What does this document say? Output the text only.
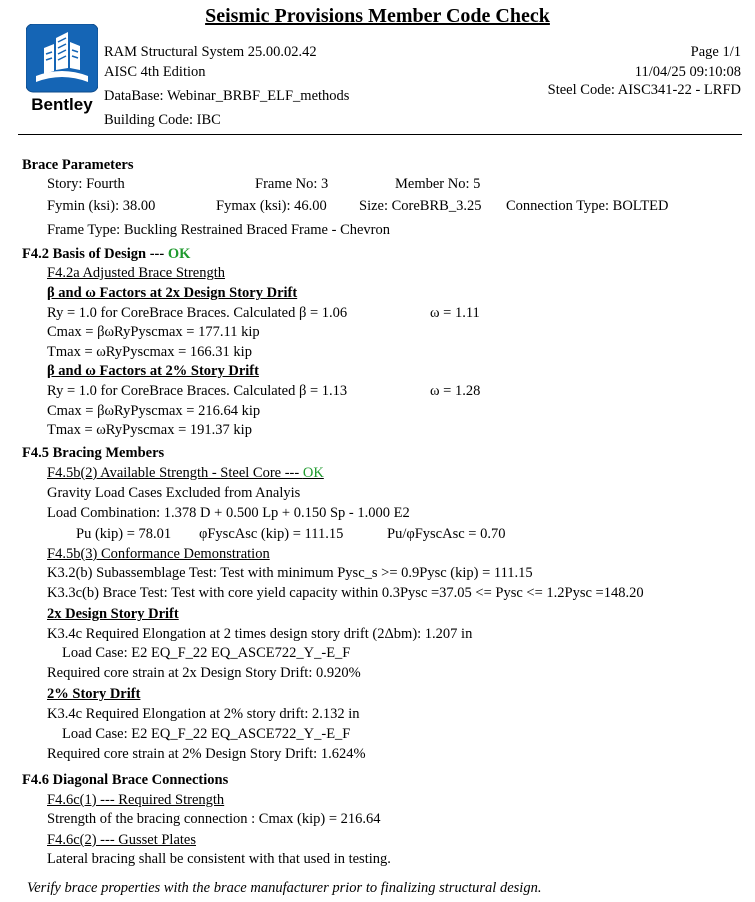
Seismic Provisions Member Code Check
Bentley
RAM Structural System 25.00.02.42
AISC 4th Edition
DataBase: Webinar_BRBF_ELF_methods
Building Code: IBC
Page 1/1
11/04/25 09:10:08
Steel Code: AISC341-22 - LRFD
Brace Parameters
Story: Fourth	Frame No: 3	Member No: 5
Fymin (ksi): 38.00	Fymax (ksi): 46.00 Size: CoreBRB_3.25 Connection Type: BOLTED
Frame Type: Buckling Restrained Braced Frame - Chevron
F4.2 Basis of Design --- OK
F4.2a Adjusted Brace Strength
β and ω Factors at 2x Design Story Drift
Ry = 1.0 for CoreBrace Braces. Calculated β = 1.06	ω = 1.11
Cmax = βωRyPyscmax = 177.11 kip
Tmax = ωRyPyscmax = 166.31 kip
β and ω Factors at 2% Story Drift
Ry = 1.0 for CoreBrace Braces. Calculated β = 1.13	ω = 1.28
Cmax = βωRyPyscmax = 216.64 kip
Tmax = ωRyPyscmax = 191.37 kip
F4.5 Bracing Members
F4.5b(2) Available Strength - Steel Core --- OK
Gravity Load Cases Excluded from Analyis
Load Combination: 1.378 D + 0.500 Lp + 0.150 Sp - 1.000 E2
Pu (kip) = 78.01 φFyscAsc (kip) = 111.15	Pu/φFyscAsc = 0.70
F4.5b(3) Conformance Demonstration
K3.2(b) Subassemblage Test: Test with minimum Pysc_s >= 0.9Pysc (kip) = 111.15
K3.3c(b) Brace Test: Test with core yield capacity within 0.3Pysc =37.05 <= Pysc <= 1.2Pysc =148.20
2x Design Story Drift
K3.4c Required Elongation at 2 times design story drift (2Δbm): 1.207 in
Load Case: E2 EQ_F_22 EQ_ASCE722_Y_-E_F
Required core strain at 2x Design Story Drift: 0.920%
2% Story Drift
K3.4c Required Elongation at 2% story drift: 2.132 in
Load Case: E2 EQ_F_22 EQ_ASCE722_Y_-E_F
Required core strain at 2% Design Story Drift: 1.624%
F4.6 Diagonal Brace Connections
F4.6c(1) --- Required Strength
Strength of the bracing connection : Cmax (kip) = 216.64
F4.6c(2) --- Gusset Plates
Lateral bracing shall be consistent with that used in testing.
Verify brace properties with the brace manufacturer prior to finalizing structural design.
